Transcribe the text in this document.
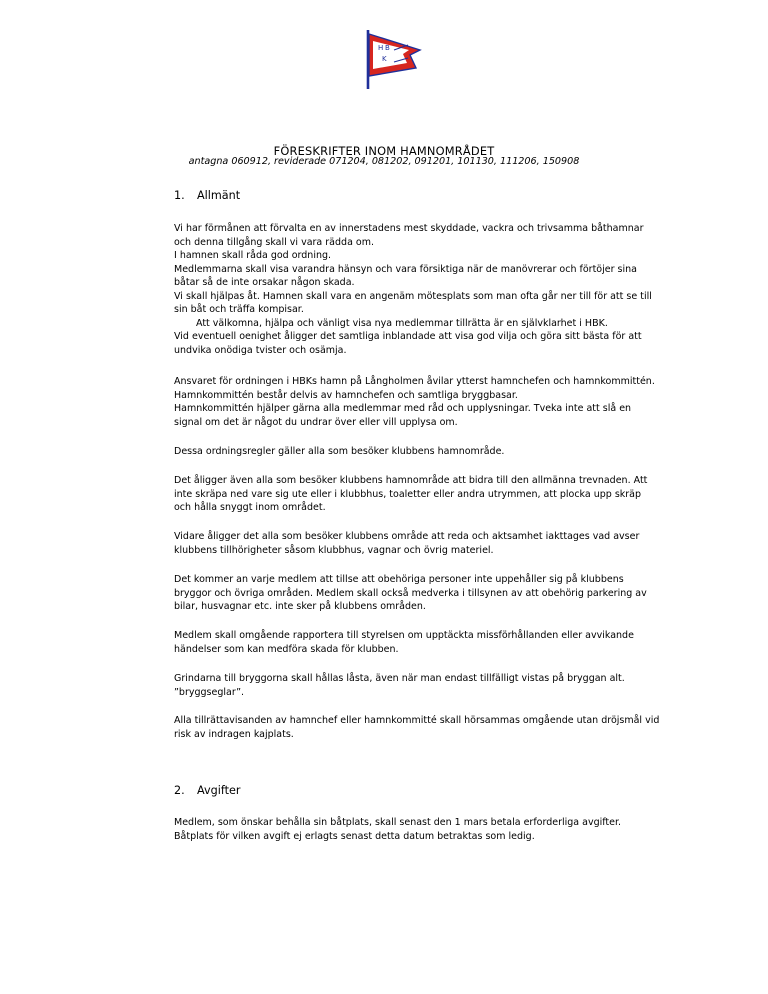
H B
K
FÖRESKRIFTER INOM HAMNOMRÅDET

antagna 060912, reviderade 071204, 081202, 091201, 101130, 111206, 150908

1. Allmänt
Vi har förmånen att förvalta en av innerstadens mest skyddade, vackra och trivsamma båthamnar
och denna tillgång skall vi vara rädda om.
I hamnen skall råda god ordning.
Medlemmarna skall visa varandra hänsyn och vara försiktiga när de manövrerar och förtöjer sina
båtar så de inte orsakar någon skada.
Vi skall hjälpas åt. Hamnen skall vara en angenäm mötesplats som man ofta går ner till för att se till
sin båt och träffa kompisar.
Att välkomna, hjälpa och vänligt visa nya medlemmar tillrätta är en självklarhet i HBK.
Vid eventuell oenighet åligger det samtliga inblandade att visa god vilja och göra sitt bästa för att
undvika onödiga tvister och osämja.
Ansvaret för ordningen i HBKs hamn på Långholmen åvilar ytterst hamnchefen och hamnkommittén.
Hamnkommittén består delvis av hamnchefen och samtliga bryggbasar.
Hamnkommittén hjälper gärna alla medlemmar med råd och upplysningar. Tveka inte att slå en
signal om det är något du undrar över eller vill upplysa om.
Dessa ordningsregler gäller alla som besöker klubbens hamnområde.
Det åligger även alla som besöker klubbens hamnområde att bidra till den allmänna trevnaden. Att
inte skräpa ned vare sig ute eller i klubbhus, toaletter eller andra utrymmen, att plocka upp skräp
och hålla snyggt inom området.
Vidare åligger det alla som besöker klubbens område att reda och aktsamhet iakttages vad avser
klubbens tillhörigheter såsom klubbhus, vagnar och övrig materiel.
Det kommer an varje medlem att tillse att obehöriga personer inte uppehåller sig på klubbens
bryggor och övriga områden. Medlem skall också medverka i tillsynen av att obehörig parkering av
bilar, husvagnar etc. inte sker på klubbens områden.
Medlem skall omgående rapportera till styrelsen om upptäckta missförhållanden eller avvikande
händelser som kan medföra skada för klubben.
Grindarna till bryggorna skall hållas låsta, även när man endast tillfälligt vistas på bryggan alt.
”bryggseglar”.
Alla tillrättavisanden av hamnchef eller hamnkommitté skall hörsammas omgående utan dröjsmål vid
risk av indragen kajplats.
2. Avgifter
Medlem, som önskar behålla sin båtplats, skall senast den 1 mars betala erforderliga avgifter.
Båtplats för vilken avgift ej erlagts senast detta datum betraktas som ledig.
